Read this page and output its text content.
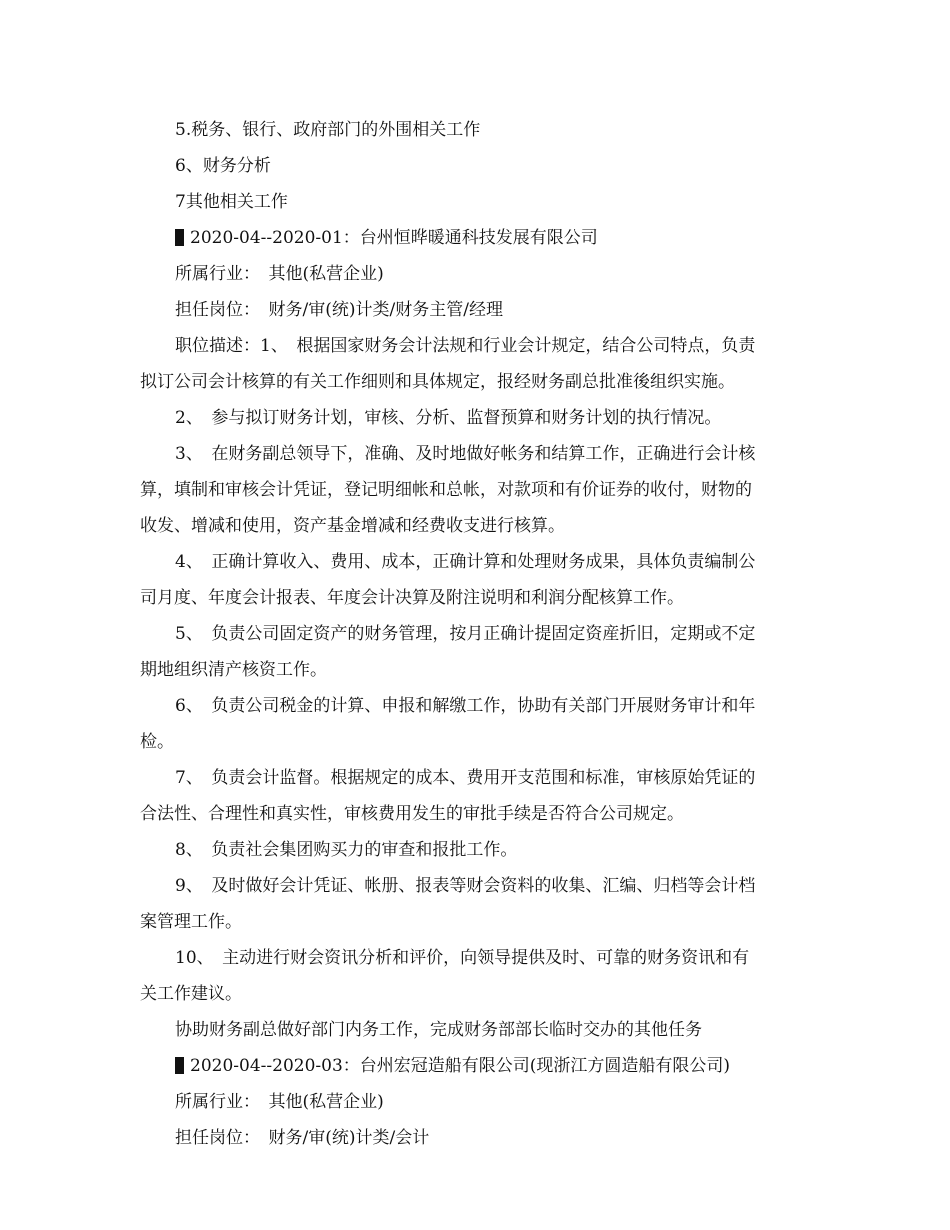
5.税务、银行、政府部门的外围相关工作
6、财务分析
7其他相关工作
2020-04--2020-01：台州恒晔暖通科技发展有限公司
所属行业：　其他(私营企业)
担任岗位：　财务/审(统)计类/财务主管/经理
职位描述：1、　根据国家财务会计法规和行业会计规定，结合公司特点，负责
拟订公司会计核算的有关工作细则和具体规定，报经财务副总批准後组织实施。
2、　参与拟订财务计划，审核、分析、监督预算和财务计划的执行情况。
3、　在财务副总领导下，准确、及时地做好帐务和结算工作，正确进行会计核
算，填制和审核会计凭证，登记明细帐和总帐，对款项和有价证券的收付，财物的
收发、增减和使用，资产基金增减和经费收支进行核算。
4、　正确计算收入、费用、成本，正确计算和处理财务成果，具体负责编制公
司月度、年度会计报表、年度会计决算及附注说明和利润分配核算工作。
5、　负责公司固定资产的财务管理，按月正确计提固定资産折旧，定期或不定
期地组织清产核资工作。
6、　负责公司税金的计算、申报和解缴工作，协助有关部门开展财务审计和年
检。
7、　负责会计监督。根据规定的成本、费用开支范围和标准，审核原始凭证的
合法性、合理性和真实性，审核费用发生的审批手续是否符合公司规定。
8、　负责社会集团购买力的审查和报批工作。
9、　及时做好会计凭证、帐册、报表等财会资料的收集、汇编、归档等会计档
案管理工作。
10、　主动进行财会资讯分析和评价，向领导提供及时、可靠的财务资讯和有
关工作建议。
协助财务副总做好部门内务工作，完成财务部部长临时交办的其他任务
2020-04--2020-03：台州宏冠造船有限公司(现浙江方圆造船有限公司)
所属行业：　其他(私营企业)
担任岗位：　财务/审(统)计类/会计
